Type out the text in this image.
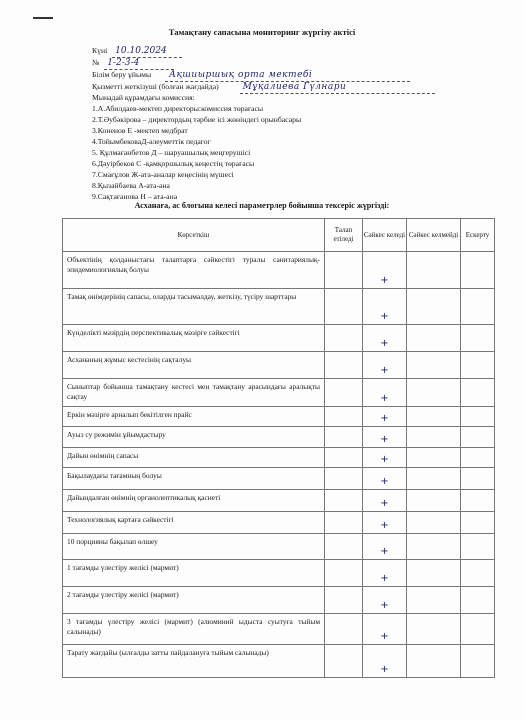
Тамақтану сапасына мониторинг жүргізу актісі
Күні 10.10.2024
№ 1-2-3-4
Білім беру ұйымы Ақшиыршық орта мектебі
Қызметті жеткізуші (болған жағдайда)	Мұқалиева Гүлнари
Мынадай құрамдағы комиссия:
1.А.Абилдаев-мектеп директоры:комиссия төрағасы
2.Т.Әубәкірова – директордың тәрбие ісі жөніндегі орынбасары
3.Коненов Е -мектеп медбрат
4.ТойымбековаД-әлеуметтік педагог
5. Құлмағанбетов Д – шаруашылық меңгерушісі
6.Дәуірбеков С -қамқоршылық кеңестің төрағасы
7.Смағұлов Ж-ата-аналар кеңесінің мүшесі
8.Қызайбаева А-ата-ана
9.Сақтағанова Н – ата-ана
Асханаға, ас блогына келесі параметрлер бойынша тексеріс жүргізді:
Көрсеткіш	Талап етіледі	Сәйкес келеді	Сәйкес келмейді	Ескерту
Объектінің қолданыстағы талаптарға сәйкестігі туралы санитариялық-эпидемиологиялық болуы		+		
Тамақ өнімдерінің сапасы, оларды тасымалдау, жеткізу, түсіру шарттары		+		
Күнделікті мәзірдің перспективалық мәзірге сәйкестігі		+		
Асхананың жұмыс кестесінің сақталуы		+		
Сыныптар бойынша тамақтану кестесі мен тамақтану арасындағы аралықты сақтау		+		
Еркін мәзірге арналып бекітілген прайс		+		
Ауыз су режимін ұйымдастыру		+		
Дайын өнімнің сапасы		+		
Бақылаудағы тағамның болуы		+		
Дайындалған өнімнің органолептикалық қасиеті		+		
Технологиялық картаға сәйкестігі		+		
10 порцияны бақылап өлшеу		+		
1 тағамды үлестіру желісі (мармит)		+		
2 тағамды үлестіру желісі (мармит)		+		
3 тағамды үлестіру желісі (мармит) (алюминий ыдыста суытуға тыйым салынады)		+		
Тарату жағдайы (ылғалды затты пайдалануға тыйым салынады)		+		
